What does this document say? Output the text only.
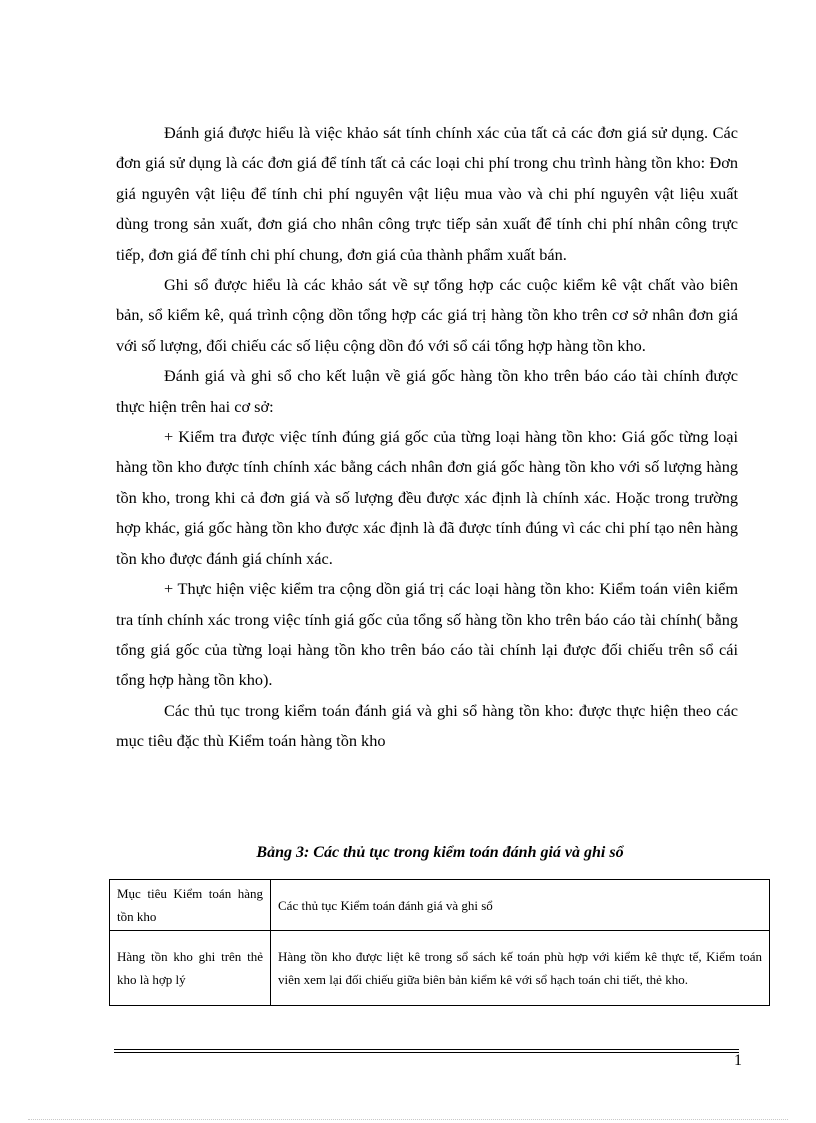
Đánh giá được hiểu là việc khảo sát tính chính xác của tất cả các đơn giá sử dụng. Các đơn giá sử dụng là các đơn giá để tính tất cả các loại chi phí trong chu trình hàng tồn kho: Đơn giá nguyên vật liệu để tính chi phí nguyên vật liệu mua vào và chi phí nguyên vật liệu xuất dùng trong sản xuất, đơn giá cho nhân công trực tiếp sản xuất để tính chi phí nhân công trực tiếp, đơn giá để tính chi phí chung, đơn giá của thành phẩm xuất bán.

Ghi sổ được hiểu là các khảo sát về sự tổng hợp các cuộc kiểm kê vật chất vào biên bản, sổ kiểm kê, quá trình cộng dồn tổng hợp các giá trị hàng tồn kho trên cơ sở nhân đơn giá với số lượng, đối chiếu các số liệu cộng dồn đó với sổ cái tổng hợp hàng tồn kho.

Đánh giá và ghi sổ cho kết luận về giá gốc hàng tồn kho trên báo cáo tài chính được thực hiện trên hai cơ sở:

+ Kiểm tra được việc tính đúng giá gốc của từng loại hàng tồn kho: Giá gốc từng loại hàng tồn kho được tính chính xác bằng cách nhân đơn giá gốc hàng tồn kho với số lượng hàng tồn kho, trong khi cả đơn giá và số lượng đều được xác định là chính xác. Hoặc trong trường hợp khác, giá gốc hàng tồn kho được xác định là đã được tính đúng vì các chi phí tạo nên hàng tồn kho được đánh giá chính xác.

+ Thực hiện việc kiểm tra cộng dồn giá trị các loại hàng tồn kho: Kiểm toán viên kiểm tra tính chính xác trong việc tính giá gốc của tổng số hàng tồn kho trên báo cáo tài chính( bằng tổng giá gốc của từng loại hàng tồn kho trên báo cáo tài chính lại được đối chiếu trên sổ cái tổng hợp hàng tồn kho).

Các thủ tục trong kiểm toán đánh giá và ghi sổ hàng tồn kho: được thực hiện theo các mục tiêu đặc thù Kiểm toán hàng tồn kho

Bảng 3: Các thủ tục trong kiểm toán đánh giá và ghi sổ
Mục tiêu Kiểm toán hàng tồn kho	Các thủ tục Kiểm toán đánh giá và ghi sổ
Hàng tồn kho ghi trên thẻ kho là hợp lý	Hàng tồn kho được liệt kê trong sổ sách kế toán phù hợp với kiểm kê thực tế, Kiểm toán viên xem lại đối chiếu giữa biên bản kiểm kê với sổ hạch toán chi tiết, thẻ kho.
1
